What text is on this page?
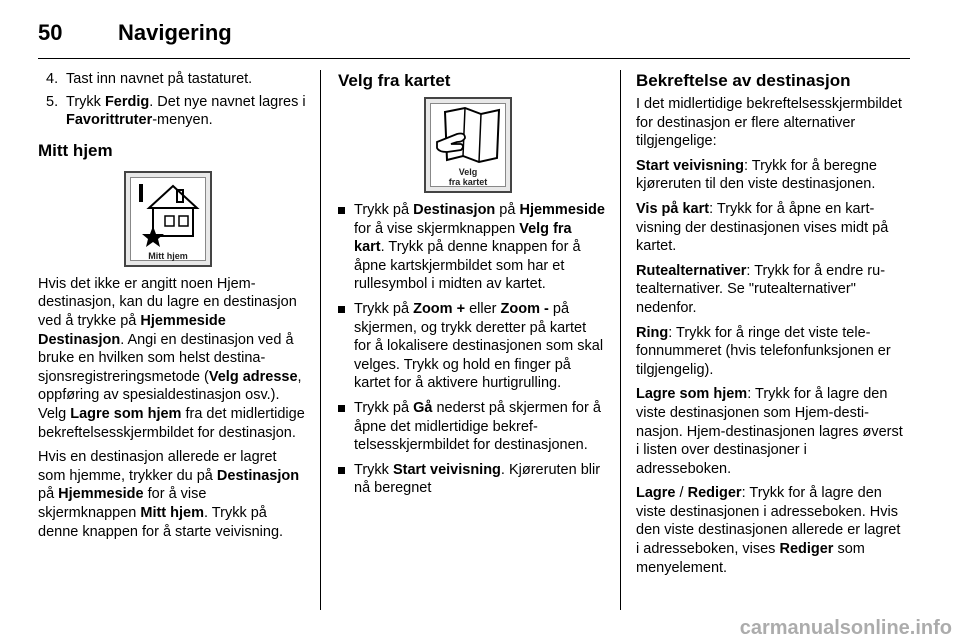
50	Navigering
4. Tast inn navnet på tastaturet.
5. Trykk Ferdig. Det nye navnet lagres i Favorittruter-menyen.
Mitt hjem
Mitt hjem

Hvis det ikke er angitt noen Hjemdestinasjon, kan du lagre en destinasjon ved å trykke på Hjemmeside Destinasjon. Angi en destinasjon ved å bruke en hvilken som helst destinasjonsregistreringsmetode (Velg adresse, oppføring av spesialdestinasjon osv.). Velg Lagre som hjem fra det midlertidige bekreftelsesskjermbildet for destinasjon.

Hvis en destinasjon allerede er lagret som hjemme, trykker du på Destinasjon på Hjemmeside for å vise skjermknappen Mitt hjem. Trykk på denne knappen for å starte veivisning.

Velg fra kartet
Velg
fra kartet
Trykk på Destinasjon på Hjemmeside for å vise skjermknappen Velg fra kart. Trykk på denne knappen for å åpne kartskjermbildet som har et rullesymbol i midten av kartet.
Trykk på Zoom + eller Zoom - på skjermen, og trykk deretter på kartet for å lokalisere destinasjonen som skal velges. Trykk og hold en finger på kartet for å aktivere hurtigrulling.
Trykk på Gå nederst på skjermen for å åpne det midlertidige bekreftelsesskjermbildet for destinasjonen.
Trykk Start veivisning. Kjøreruten blir nå beregnet
Bekreftelse av destinasjon

I det midlertidige bekreftelsesskjermbildet for destinasjon er flere alternativer tilgjengelige:

Start veivisning: Trykk for å beregne kjøreruten til den viste destinasjonen.

Vis på kart: Trykk for å åpne en kartvisning der destinasjonen vises midt på kartet.

Rutealternativer: Trykk for å endre rutealternativer. Se "rutealternativer" nedenfor.

Ring: Trykk for å ringe det viste telefonnummeret (hvis telefonfunksjonen er tilgjengelig).

Lagre som hjem: Trykk for å lagre den viste destinasjonen som Hjem-destinasjon. Hjem-destinasjonen lagres øverst i listen over destinasjoner i adresseboken.

Lagre / Rediger: Trykk for å lagre den viste destinasjonen i adresseboken. Hvis den viste destinasjonen allerede er lagret i adresseboken, vises Rediger som menyelement.

carmanualsonline.info
